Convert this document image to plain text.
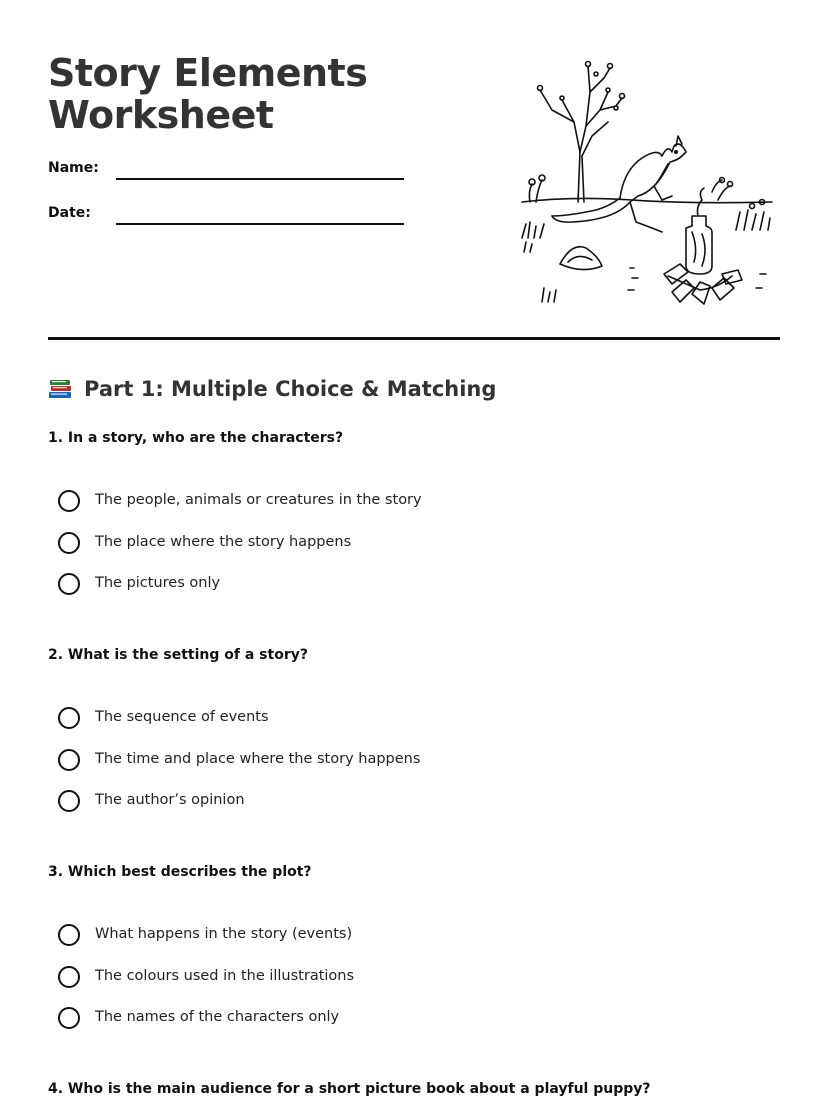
Story Elements Worksheet
Name:
Date:
Part 1: Multiple Choice & Matching
1. In a story, who are the characters?
The people, animals or creatures in the story
The place where the story happens
The pictures only
2. What is the setting of a story?
The sequence of events
The time and place where the story happens
The author’s opinion
3. Which best describes the plot?
What happens in the story (events)
The colours used in the illustrations
The names of the characters only
4. Who is the main audience for a short picture book about a playful puppy?
